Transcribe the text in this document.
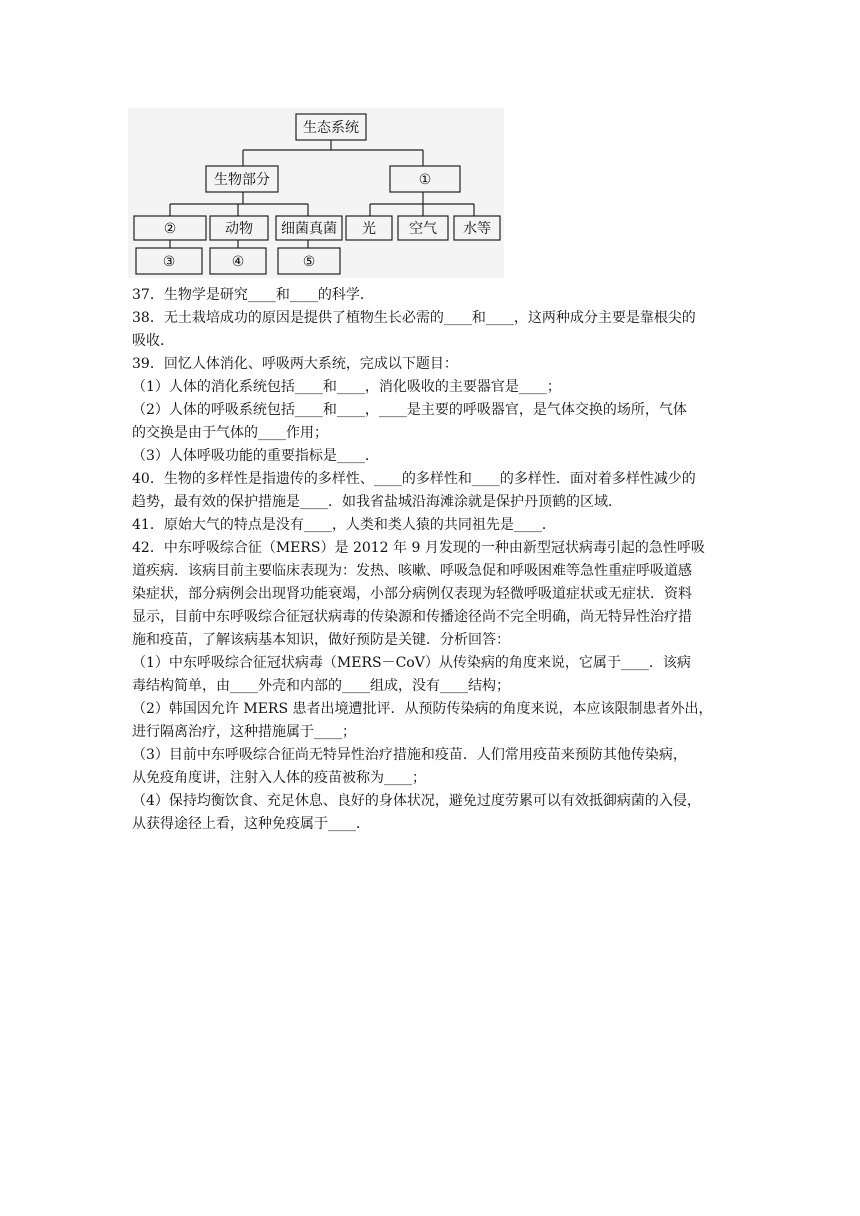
生态系统
生物部分	①
②	动物 细菌真菌 光 空气 水等
③	④	⑤
37．生物学是研究____和____的科学．
38．无土栽培成功的原因是提供了植物生长必需的____和____，这两种成分主要是靠根尖的
吸收．
39．回忆人体消化、呼吸两大系统，完成以下题目：
（1）人体的消化系统包括____和____，消化吸收的主要器官是____；
（2）人体的呼吸系统包括____和____，____是主要的呼吸器官，是气体交换的场所，气体
的交换是由于气体的____作用；
（3）人体呼吸功能的重要指标是____．
40．生物的多样性是指遗传的多样性、____的多样性和____的多样性．面对着多样性减少的
趋势，最有效的保护措施是____．如我省盐城沿海滩涂就是保护丹顶鹤的区域．
41．原始大气的特点是没有____，人类和类人猿的共同祖先是____．
42．中东呼吸综合征（MERS）是 2012 年 9 月发现的一种由新型冠状病毒引起的急性呼吸
道疾病．该病目前主要临床表现为：发热、咳嗽、呼吸急促和呼吸困难等急性重症呼吸道感
染症状，部分病例会出现肾功能衰竭，小部分病例仅表现为轻微呼吸道症状或无症状．资料
显示，目前中东呼吸综合征冠状病毒的传染源和传播途径尚不完全明确，尚无特异性治疗措
施和疫苗，了解该病基本知识，做好预防是关键．分析回答：
（1）中东呼吸综合征冠状病毒（MERS－CoV）从传染病的角度来说，它属于____．该病
毒结构简单，由____外壳和内部的____组成，没有____结构；
（2）韩国因允许 MERS 患者出境遭批评．从预防传染病的角度来说，本应该限制患者外出，
进行隔离治疗，这种措施属于____；
（3）目前中东呼吸综合征尚无特异性治疗措施和疫苗．人们常用疫苗来预防其他传染病，
从免疫角度讲，注射入人体的疫苗被称为____；
（4）保持均衡饮食、充足休息、良好的身体状况，避免过度劳累可以有效抵御病菌的入侵，
从获得途径上看，这种免疫属于____．
